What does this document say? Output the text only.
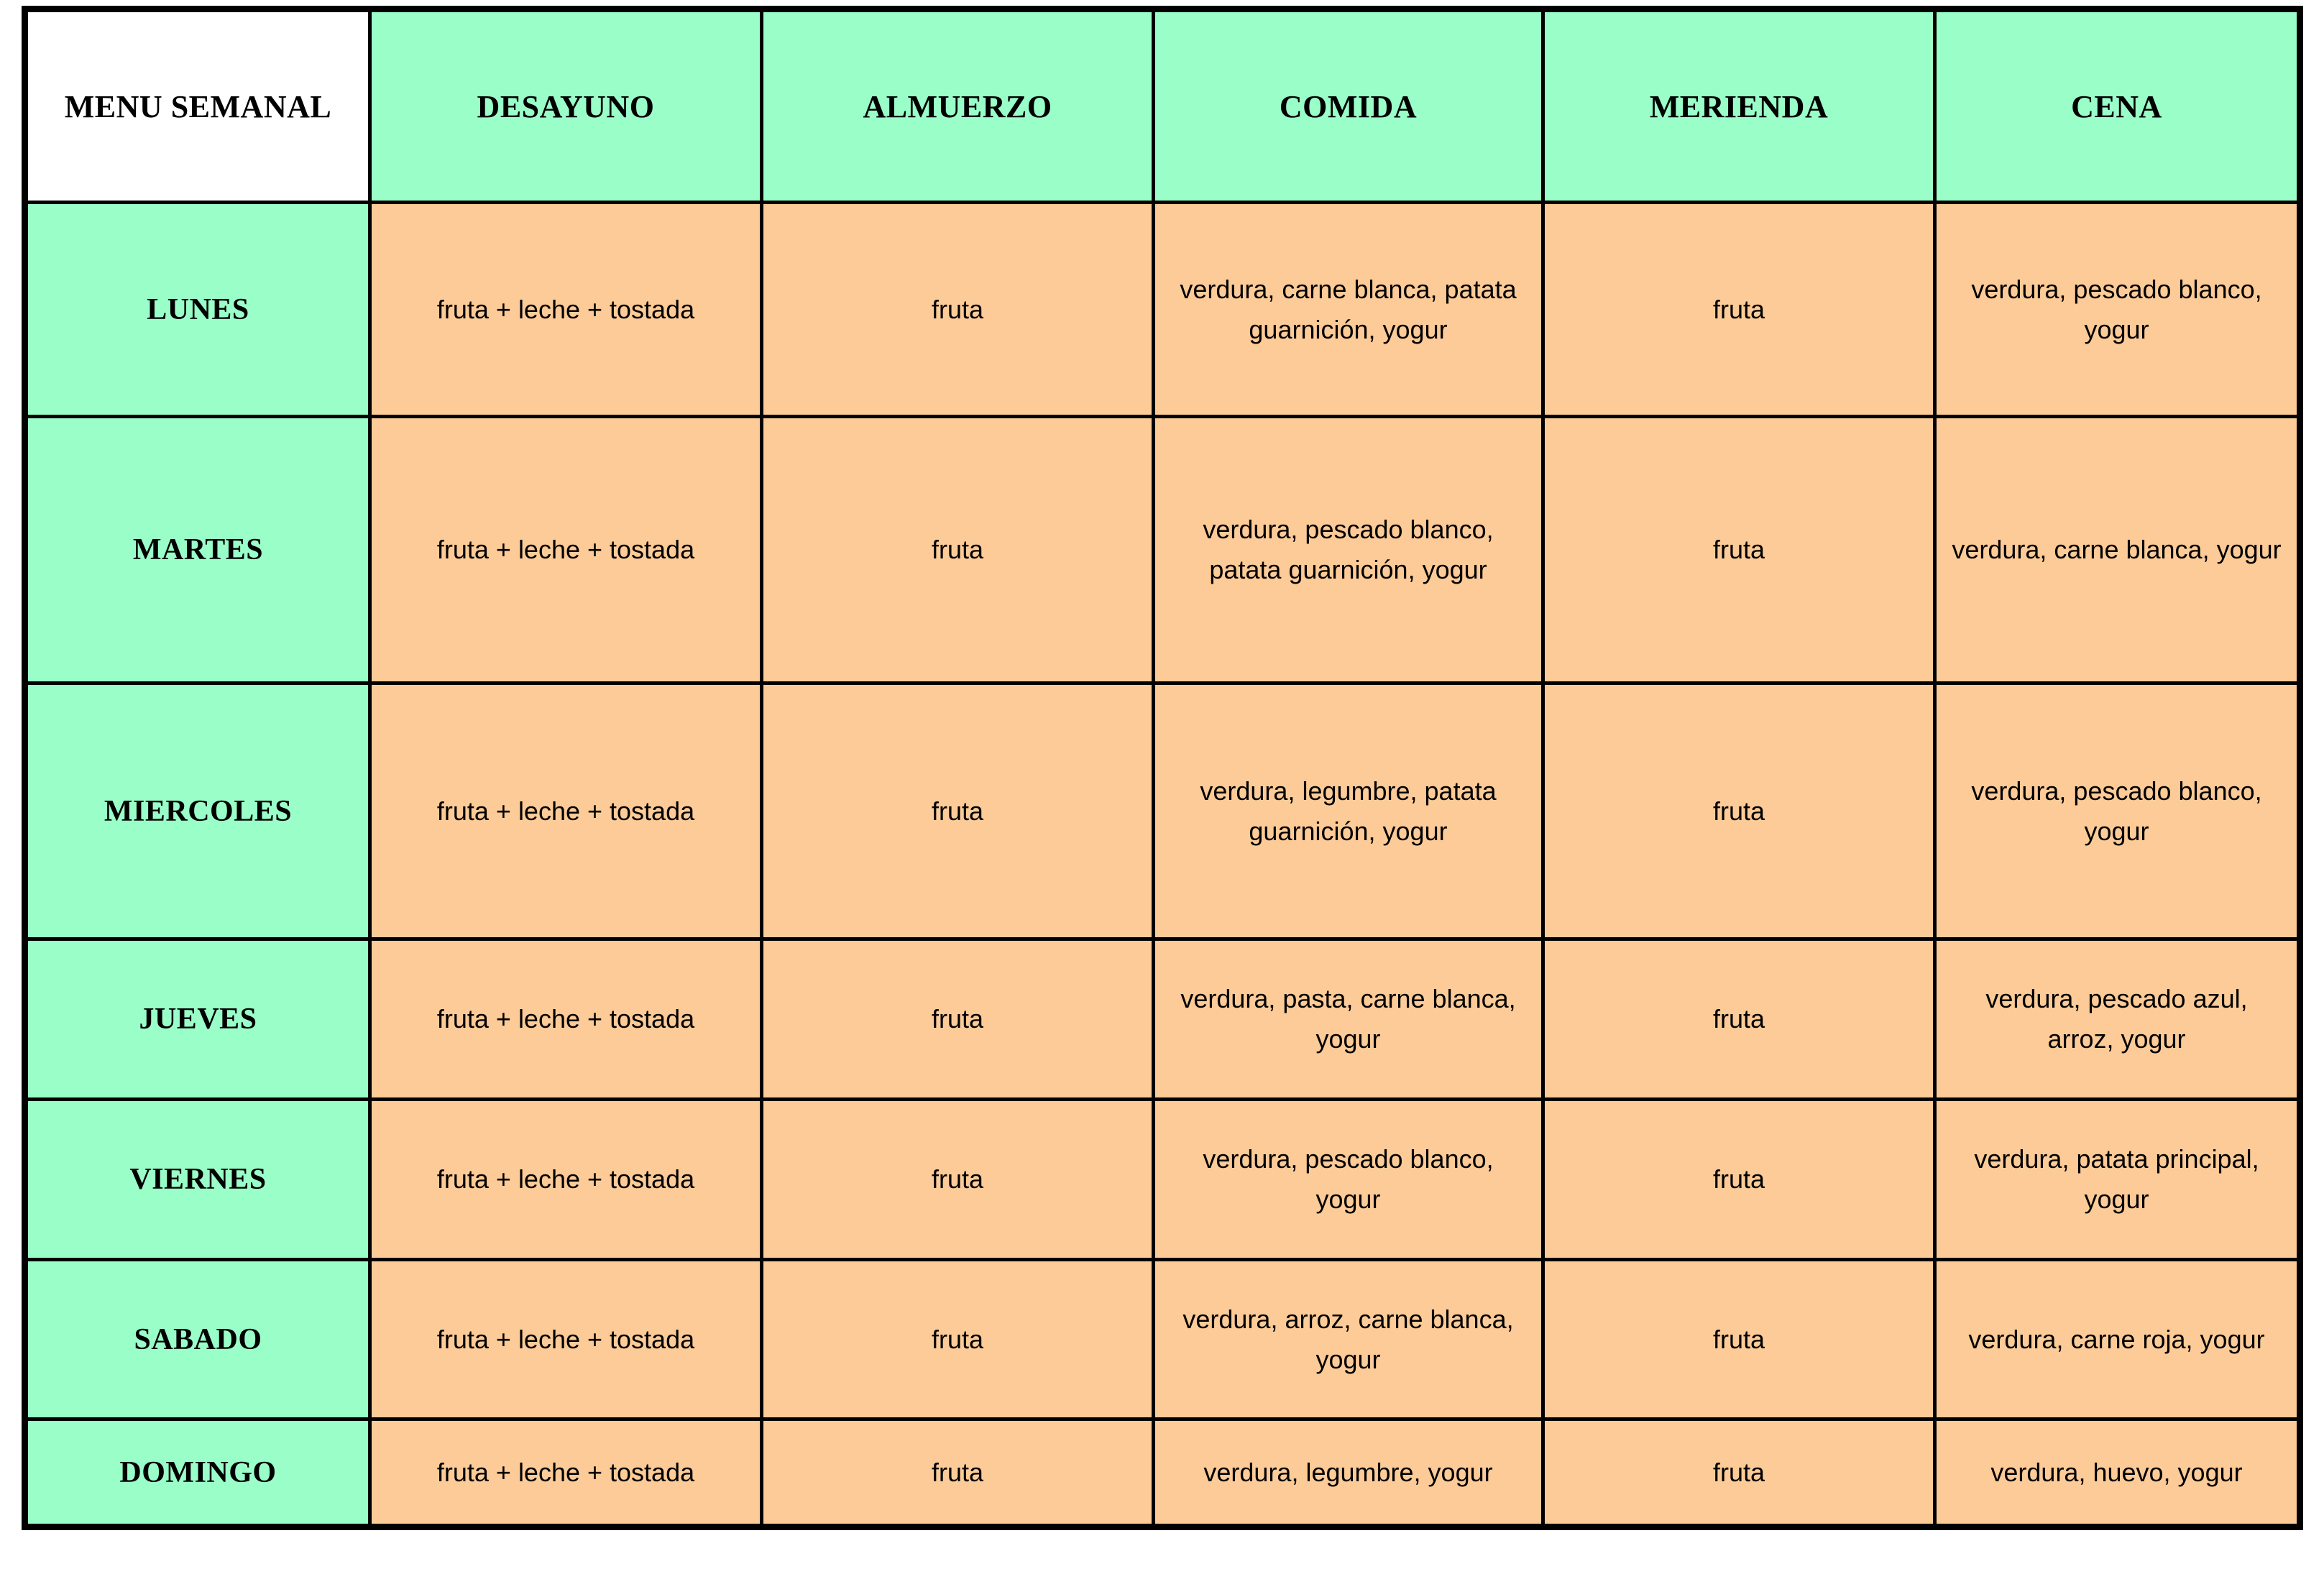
MENU SEMANAL	DESAYUNO	ALMUERZO	COMIDA	MERIENDA	CENA
LUNES	fruta + leche + tostada	fruta	verdura, carne blanca, patata guarnición, yogur	fruta	verdura, pescado blanco, yogur
MARTES	fruta + leche + tostada	fruta	verdura, pescado blanco, patata guarnición, yogur	fruta	verdura, carne blanca, yogur
MIERCOLES	fruta + leche + tostada	fruta	verdura, legumbre, patata guarnición, yogur	fruta	verdura, pescado blanco, yogur
JUEVES	fruta + leche + tostada	fruta	verdura, pasta, carne blanca, yogur	fruta	verdura, pescado azul, arroz, yogur
VIERNES	fruta + leche + tostada	fruta	verdura, pescado blanco, yogur	fruta	verdura, patata principal, yogur
SABADO	fruta + leche + tostada	fruta	verdura, arroz, carne blanca, yogur	fruta	verdura, carne roja, yogur
DOMINGO	fruta + leche + tostada	fruta	verdura, legumbre, yogur	fruta	verdura, huevo, yogur
